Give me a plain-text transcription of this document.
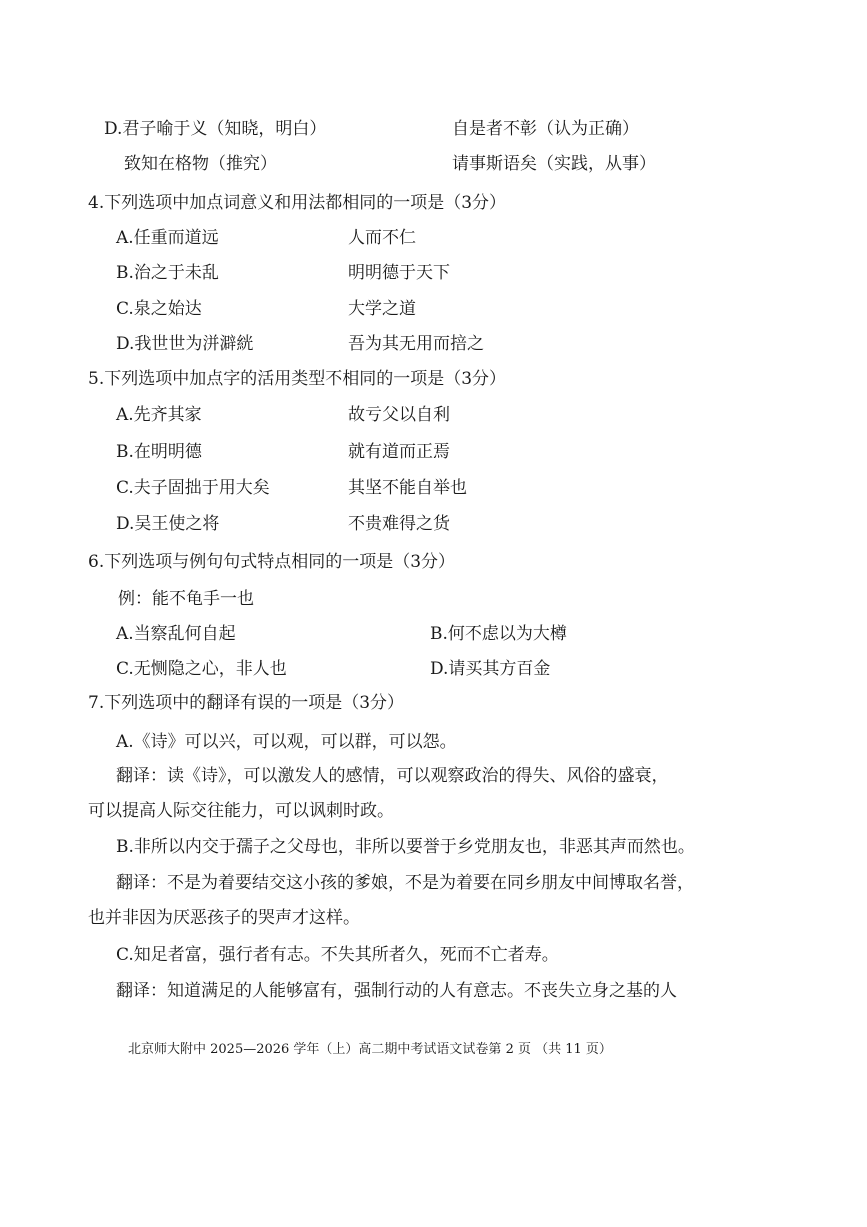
D.君子喻于义（知晓，明白）	自是者不彰（认为正确）
致知在格物（推究）	请事斯语矣（实践，从事）
4.下列选项中加点词意义和用法都相同的一项是（3分）
A.任重而道远	人而不仁
B.治之于未乱	明明德于天下
C.泉之始达	大学之道
D.我世世为洴澼絖	吾为其无用而掊之
5.下列选项中加点字的活用类型不相同的一项是（3分）
A.先齐其家	故亏父以自利
B.在明明德	就有道而正焉
C.夫子固拙于用大矣	其坚不能自举也
D.吴王使之将	不贵难得之货
6.下列选项与例句句式特点相同的一项是（3分）
例：能不龟手一也
A.当察乱何自起	B.何不虑以为大樽
C.无恻隐之心，非人也	D.请买其方百金
7.下列选项中的翻译有误的一项是（3分）
A.《诗》可以兴，可以观，可以群，可以怨。
翻译：读《诗》，可以激发人的感情，可以观察政治的得失、风俗的盛衰，
可以提高人际交往能力，可以讽刺时政。
B.非所以内交于孺子之父母也，非所以要誉于乡党朋友也，非恶其声而然也。
翻译：不是为着要结交这小孩的爹娘，不是为着要在同乡朋友中间博取名誉，
也并非因为厌恶孩子的哭声才这样。
C.知足者富，强行者有志。不失其所者久，死而不亡者寿。
翻译：知道满足的人能够富有，强制行动的人有意志。不丧失立身之基的人
北京师大附中 2025—2026 学年（上）高二期中考试语文试卷第 2 页 （共 11 页）
